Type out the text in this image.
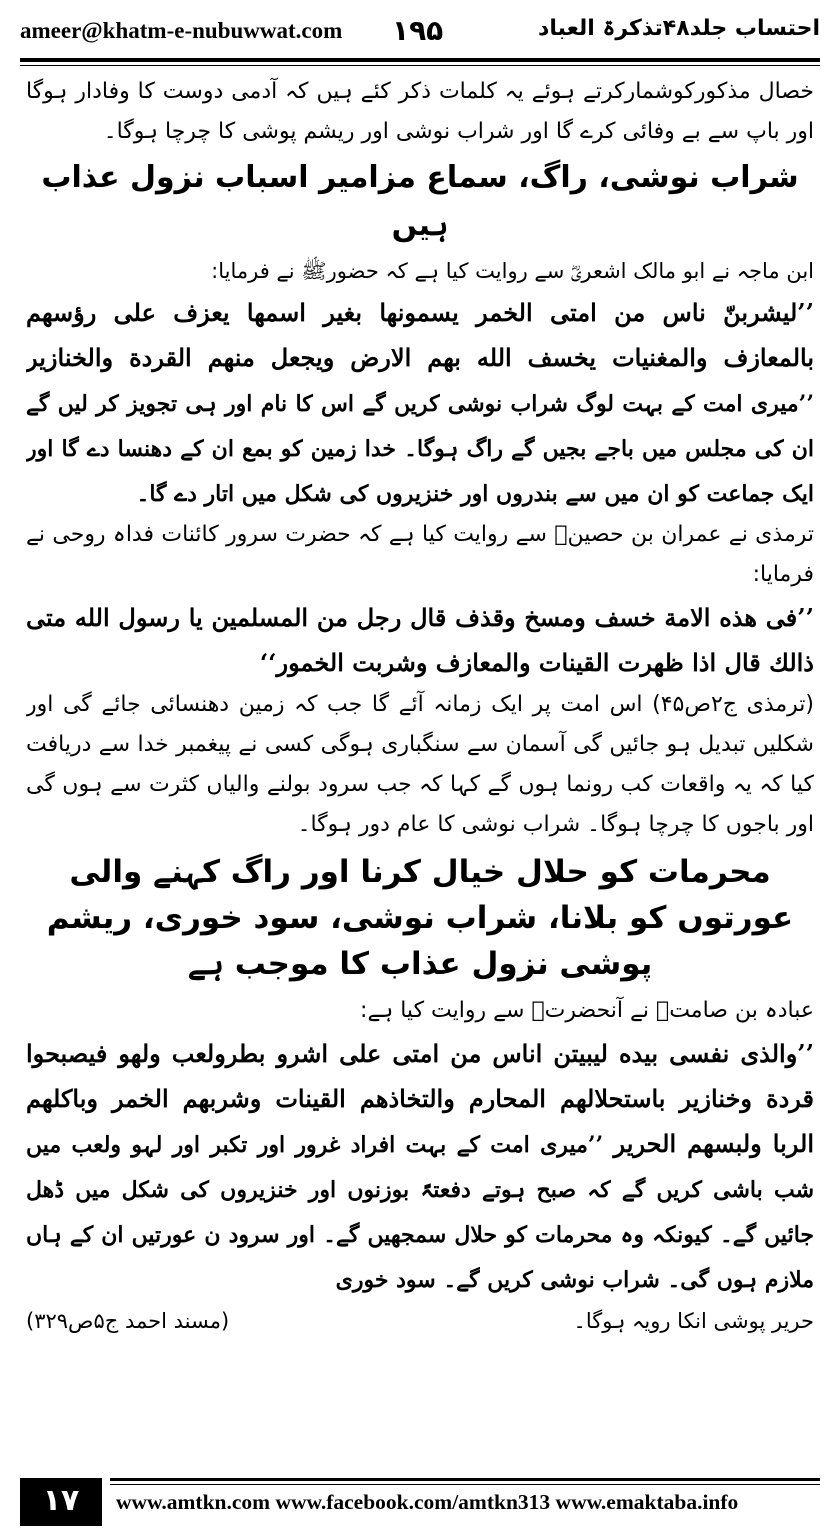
ameer@khatm-e-nubuwwat.com ۱۹۵	احتساب جلد۴۸تذکرۃ العباد

خصال مذکورکوشمارکرتے ہوئے یہ کلمات ذکر کئے ہیں کہ آدمی دوست کا وفادار ہوگا اور باپ سے بے وفائی کرے گا اور شراب نوشی اور ریشم پوشی کا چرچا ہوگا۔

شراب نوشی، راگ، سماع مزامیر اسباب نزول عذاب ہیں

ابن ماجہ نے ابو مالک اشعریؓ سے روایت کیا ہے کہ حضورﷺ نے فرمایا:

’’لیشربنّ ناس من امتی الخمر یسمونها بغیر اسمها یعزف علی رؤسهم بالمعازف والمغنیات یخسف الله بهم الارض ویجعل منهم القردة والخنازیر ’’میری امت کے بہت لوگ شراب نوشی کریں گے اس کا نام اور ہی تجویز کر لیں گے ان کی مجلس میں باجے بجیں گے راگ ہوگا۔ خدا زمین کو بمع ان کے دھنسا دے گا اور ایک جماعت کو ان میں سے بندروں اور خنزیروں کی شکل میں اتار دے گا۔

ترمذی نے عمران بن حصینؓ سے روایت کیا ہے کہ حضرت سرور کائنات فداہ روحی نے فرمایا:

’’فی هذه الامة خسف ومسخ وقذف قال رجل من المسلمین یا رسول الله متی ذالك قال اذا ظهرت القینات والمعازف وشربت الخمور‘‘

(ترمذی ج۲ص۴۵) اس امت پر ایک زمانہ آئے گا جب کہ زمین دھنسائی جائے گی اور شکلیں تبدیل ہو جائیں گی آسمان سے سنگباری ہوگی کسی نے پیغمبر خدا سے دریافت کیا کہ یہ واقعات کب رونما ہوں گے کہا کہ جب سرود بولنے والیاں کثرت سے ہوں گی اور باجوں کا چرچا ہوگا۔ شراب نوشی کا عام دور ہوگا۔

محرمات کو حلال خیال کرنا اور راگ کہنے والی عورتوں کو بلانا، شراب نوشی، سود خوری، ریشم پوشی نزول عذاب کا موجب ہے

عبادہ بن صامتؓ نے آنحضرتؐ سے روایت کیا ہے:

’’والذی نفسی بیده لیبیتن اناس من امتی علی اشرو بطرولعب ولهو فیصبحوا قردة وخنازیر باستحلالهم المحارم والتخاذهم القینات وشربهم الخمر وباكلهم الربا ولبسهم الحریر ’’میری امت کے بہت افراد غرور اور تکبر اور لہو ولعب میں شب باشی کریں گے کہ صبح ہوتے دفعتہً بوزنوں اور خنزیروں کی شکل میں ڈھل جائیں گے۔ کیونکہ وہ محرمات کو حلال سمجھیں گے۔ اور سرود ن عورتیں ان کے ہاں ملازم ہوں گی۔ شراب نوشی کریں گے۔ سود خوری

حریر پوشی انکا رویہ ہوگا۔
(مسند احمد ج۵ص۳۲۹)
۱۷	www.amtkn.com www.facebook.com/amtkn313 www.emaktaba.info
